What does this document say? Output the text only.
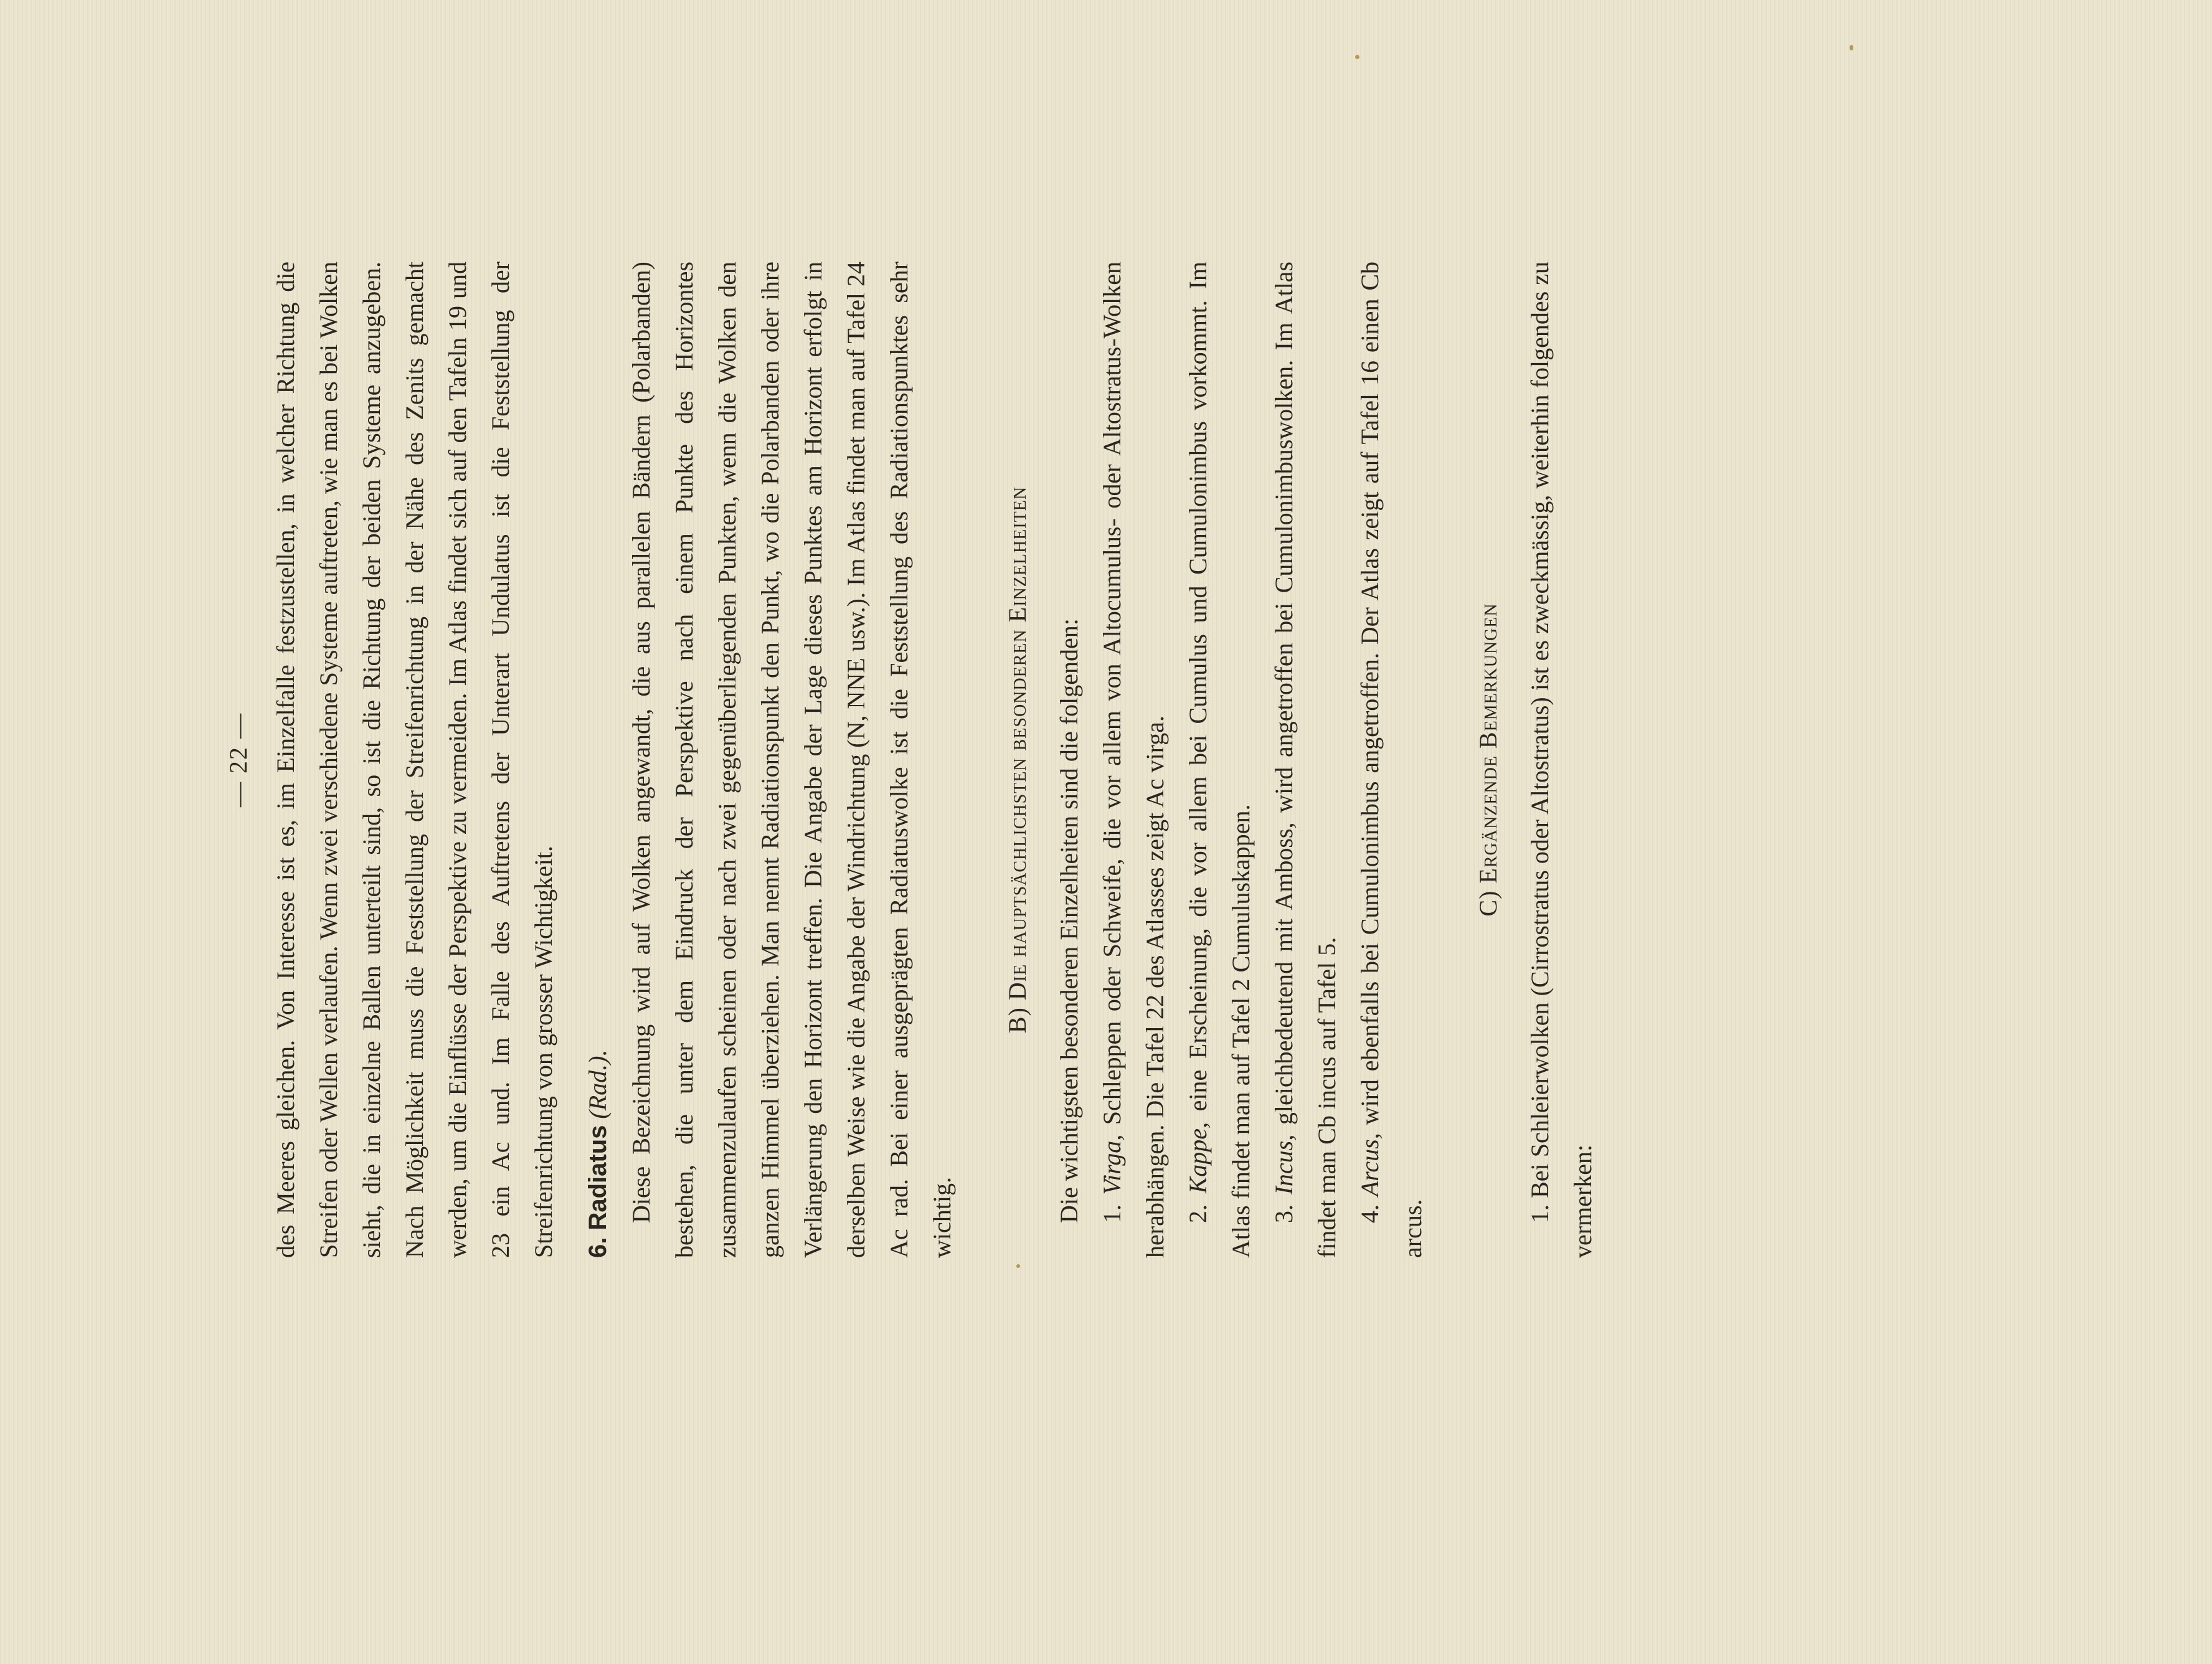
— 22 — des Meeres gleichen. Von Interesse ist es, im Einzelfalle festzustellen, in welcher Richtung die Streifen oder Wellen verlaufen. Wenn zwei verschiedene Systeme auftreten, wie man es bei Wolken sieht, die in einzelne Ballen unterteilt sind, so ist die Richtung der beiden Systeme anzugeben. Nach Möglichkeit muss die Feststellung der Streifenrichtung in der Nähe des Zenits gemacht werden, um die Einflüsse der Perspektive zu vermeiden. Im Atlas findet sich auf den Tafeln 19 und 23 ein Ac und. Im Falle des Auftretens der Unterart Undulatus ist die Feststellung der Streifenrichtung von grosser Wichtigkeit.	6. Radiatus (Rad.). Diese Bezeichnung wird auf Wolken angewandt, die aus parallelen Bändern (Polarbanden) bestehen, die unter dem Eindruck der Perspektive nach einem Punkte des Horizontes zusammenzulaufen scheinen oder nach zwei gegenüberliegenden Punkten, wenn die Wolken den ganzen Himmel überziehen. Man nennt Radiationspunkt den Punkt, wo die Polarbanden oder ihre Verlängerung den Horizont treffen. Die Angabe der Lage dieses Punktes am Horizont erfolgt in derselben Weise wie die Angabe der Windrichtung (N, NNE usw.). Im Atlas findet man auf Tafel 24 Ac rad. Bei einer ausgeprägten Radiatuswolke ist die Feststellung des Radiationspunktes sehr wichtig.

B) Die hauptsächlichsten besonderen Einzelheiten Die wichtigsten besonderen Einzelheiten sind die folgenden: 1. Virga, Schleppen oder Schweife, die vor allem von Altocumulus- oder Altostratus-Wolken herabhängen. Die Tafel 22 des Atlasses zeigt Ac virga. 2. Kappe, eine Erscheinung, die vor allem bei Cumulus und Cumulonimbus vorkommt. Im Atlas findet man auf Tafel 2 Cumuluskappen. 3. Incus, gleichbedeutend mit Amboss, wird angetroffen bei Cumulonimbuswolken. Im Atlas findet man Cb incus auf Tafel 5. 4. Arcus, wird ebenfalls bei Cumulonimbus angetroffen. Der Atlas zeigt auf Tafel 16 einen Cb arcus.

C) Ergänzende Bemerkungen 1. Bei Schleierwolken (Cirrostratus oder Altostratus) ist es zweckmässig, weiterhin folgendes zu vermerken:
